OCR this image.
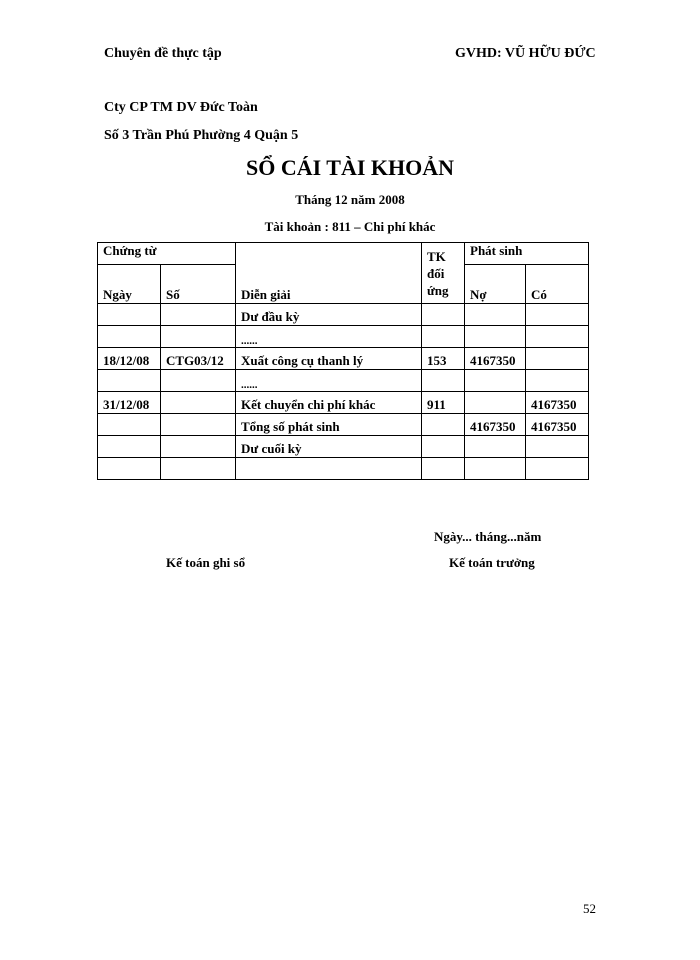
Chuyên đề thực tập	GVHD: VŨ HỮU ĐỨC
Cty CP TM DV Đức Toàn
Số 3 Trần Phú Phường 4 Quận 5
SỔ CÁI TÀI KHOẢN
Tháng 12 năm 2008
Tài khoản : 811 – Chi phí khác
Chứng từ		Diễn giải	TK đối ứng	Phát sinh	
Ngày	Số			Nợ	Có
		Dư đầu kỳ			
		......			
18/12/08	CTG03/12	Xuất công cụ thanh lý	153	4167350	
		......			
31/12/08		Kết chuyển chi phí khác	911		4167350
		Tổng số phát sinh		4167350	4167350
		Dư cuối kỳ			

Ngày... tháng...năm
Kế toán ghi sổ	Kế toán trưởng
52
